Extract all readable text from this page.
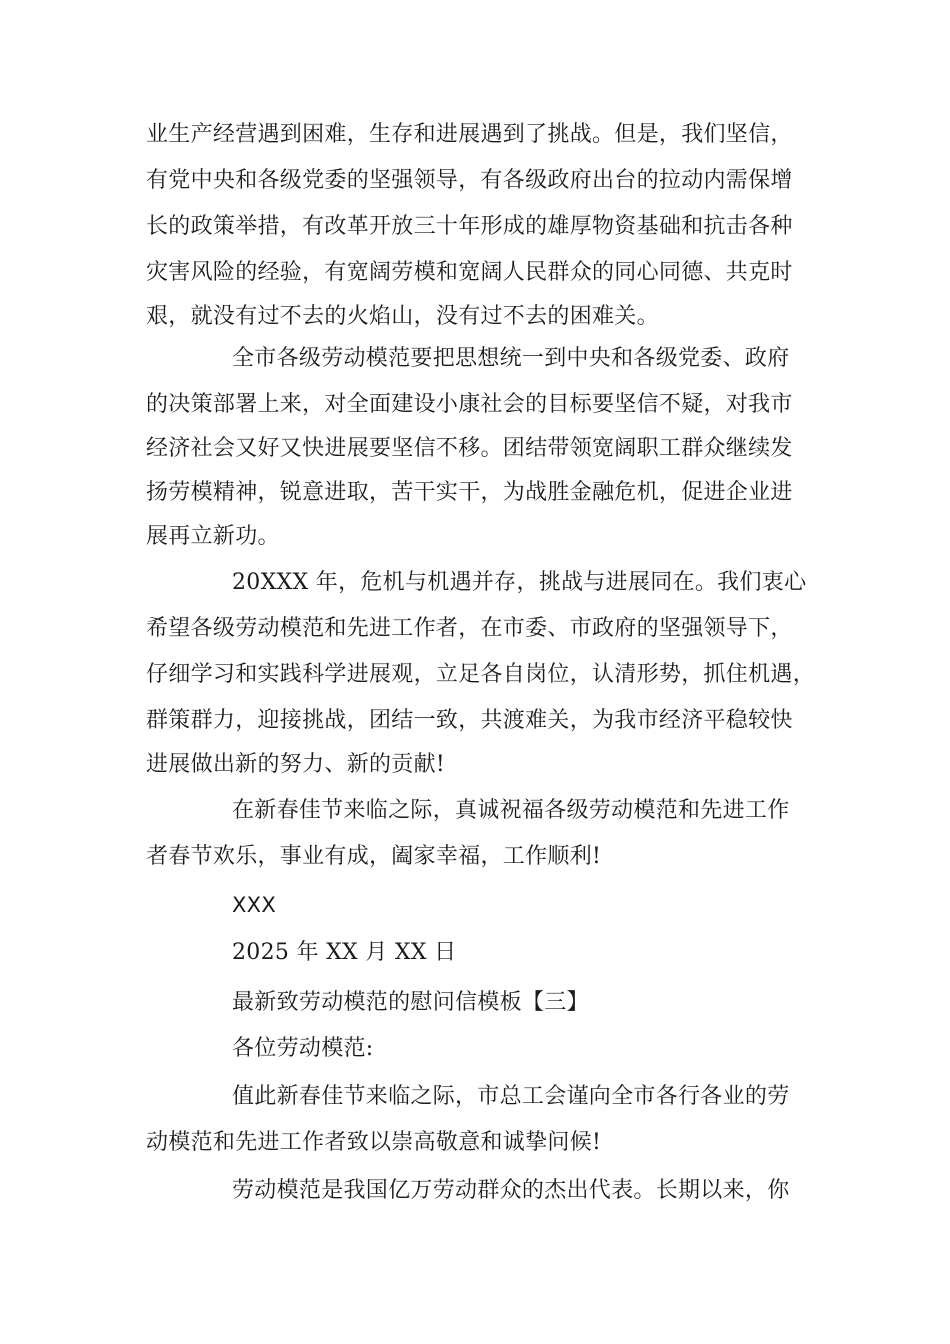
业生产经营遇到困难，生存和进展遇到了挑战。但是，我们坚信，
有党中央和各级党委的坚强领导，有各级政府出台的拉动内需保增
长的政策举措，有改革开放三十年形成的雄厚物资基础和抗击各种
灾害风险的经验，有宽阔劳模和宽阔人民群众的同心同德、共克时
艰，就没有过不去的火焰山，没有过不去的困难关。
全市各级劳动模范要把思想统一到中央和各级党委、政府
的决策部署上来，对全面建设小康社会的目标要坚信不疑，对我市
经济社会又好又快进展要坚信不移。团结带领宽阔职工群众继续发
扬劳模精神，锐意进取，苦干实干，为战胜金融危机，促进企业进
展再立新功。
20XXX 年，危机与机遇并存，挑战与进展同在。我们衷心
希望各级劳动模范和先进工作者，在市委、市政府的坚强领导下，
仔细学习和实践科学进展观，立足各自岗位，认清形势，抓住机遇，
群策群力，迎接挑战，团结一致，共渡难关，为我市经济平稳较快
进展做出新的努力、新的贡献!
在新春佳节来临之际，真诚祝福各级劳动模范和先进工作
者春节欢乐，事业有成，阖家幸福，工作顺利!
XXX
2025 年 XX 月 XX 日
最新致劳动模范的慰问信模板【三】
各位劳动模范:
值此新春佳节来临之际，市总工会谨向全市各行各业的劳
动模范和先进工作者致以崇高敬意和诚挚问候!
劳动模范是我国亿万劳动群众的杰出代表。长期以来，你
